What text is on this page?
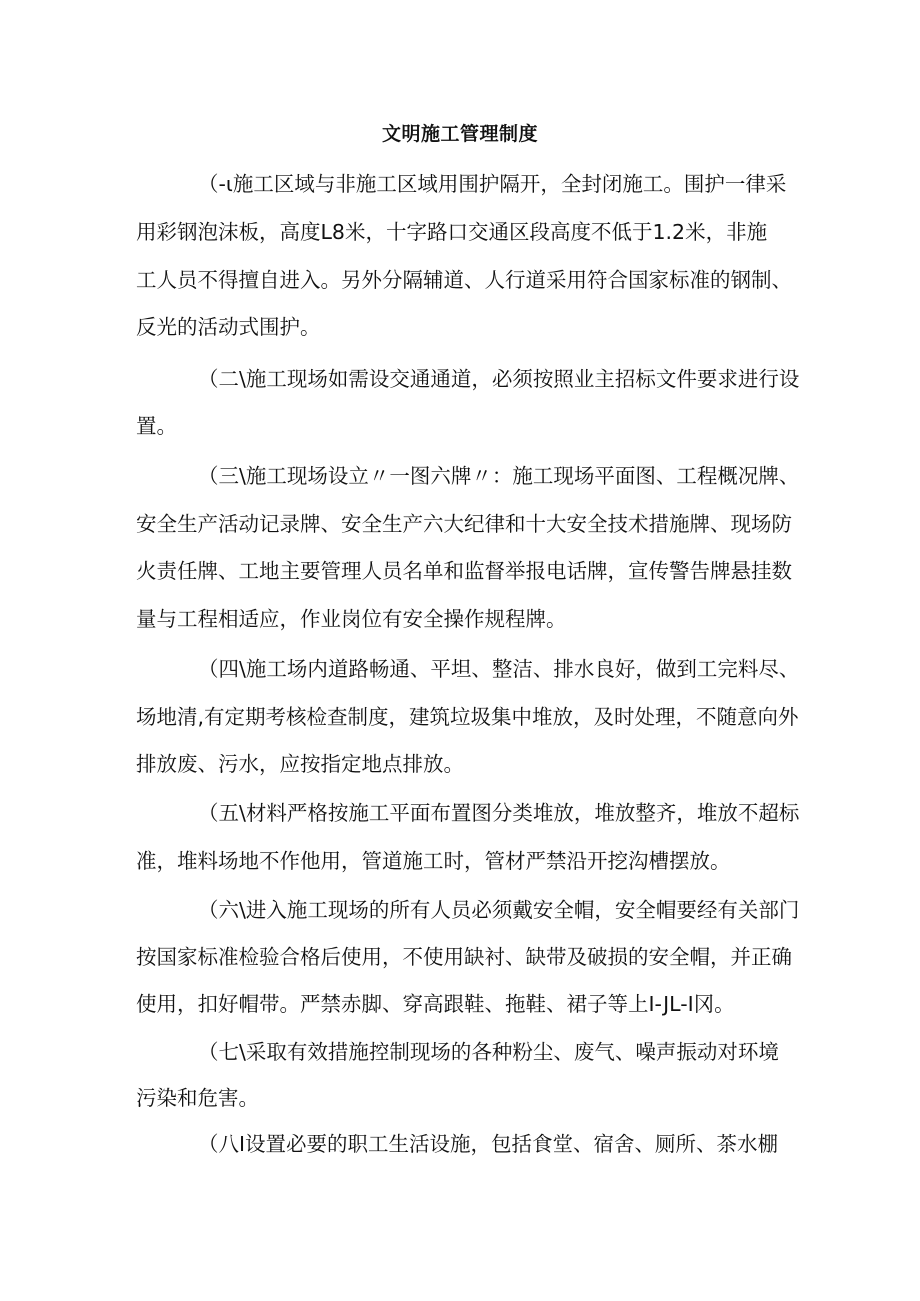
文明施工管理制度
（-ι施工区域与非施工区域用围护隔开，全封闭施工。围护一律采
用彩钢泡沫板，高度L8米，十字路口交通区段高度不低于1.2米，非施
工人员不得擅自进入。另外分隔辅道、人行道采用符合国家标准的钢制、
反光的活动式围护。
（二\施工现场如需设交通通道，必须按照业主招标文件要求进行设
置。
（三\施工现场设立〃一图六牌〃：施工现场平面图、工程概况牌、
安全生产活动记录牌、安全生产六大纪律和十大安全技术措施牌、现场防
火责任牌、工地主要管理人员名单和监督举报电话牌，宣传警告牌悬挂数
量与工程相适应，作业岗位有安全操作规程牌。
（四\施工场内道路畅通、平坦、整洁、排水良好，做到工完料尽、
场地清,有定期考核检查制度，建筑垃圾集中堆放，及时处理，不随意向外
排放废、污水，应按指定地点排放。
（五\材料严格按施工平面布置图分类堆放，堆放整齐，堆放不超标
准，堆料场地不作他用，管道施工时，管材严禁沿开挖沟槽摆放。
（六\进入施工现场的所有人员必须戴安全帽，安全帽要经有关部门
按国家标准检验合格后使用，不使用缺衬、缺带及破损的安全帽，并正确
使用，扣好帽带。严禁赤脚、穿高跟鞋、拖鞋、裙子等上I-JL-I冈。
（七\采取有效措施控制现场的各种粉尘、废气、噪声振动对环境
污染和危害。
（八I设置必要的职工生活设施，包括食堂、宿舍、厕所、茶水棚
